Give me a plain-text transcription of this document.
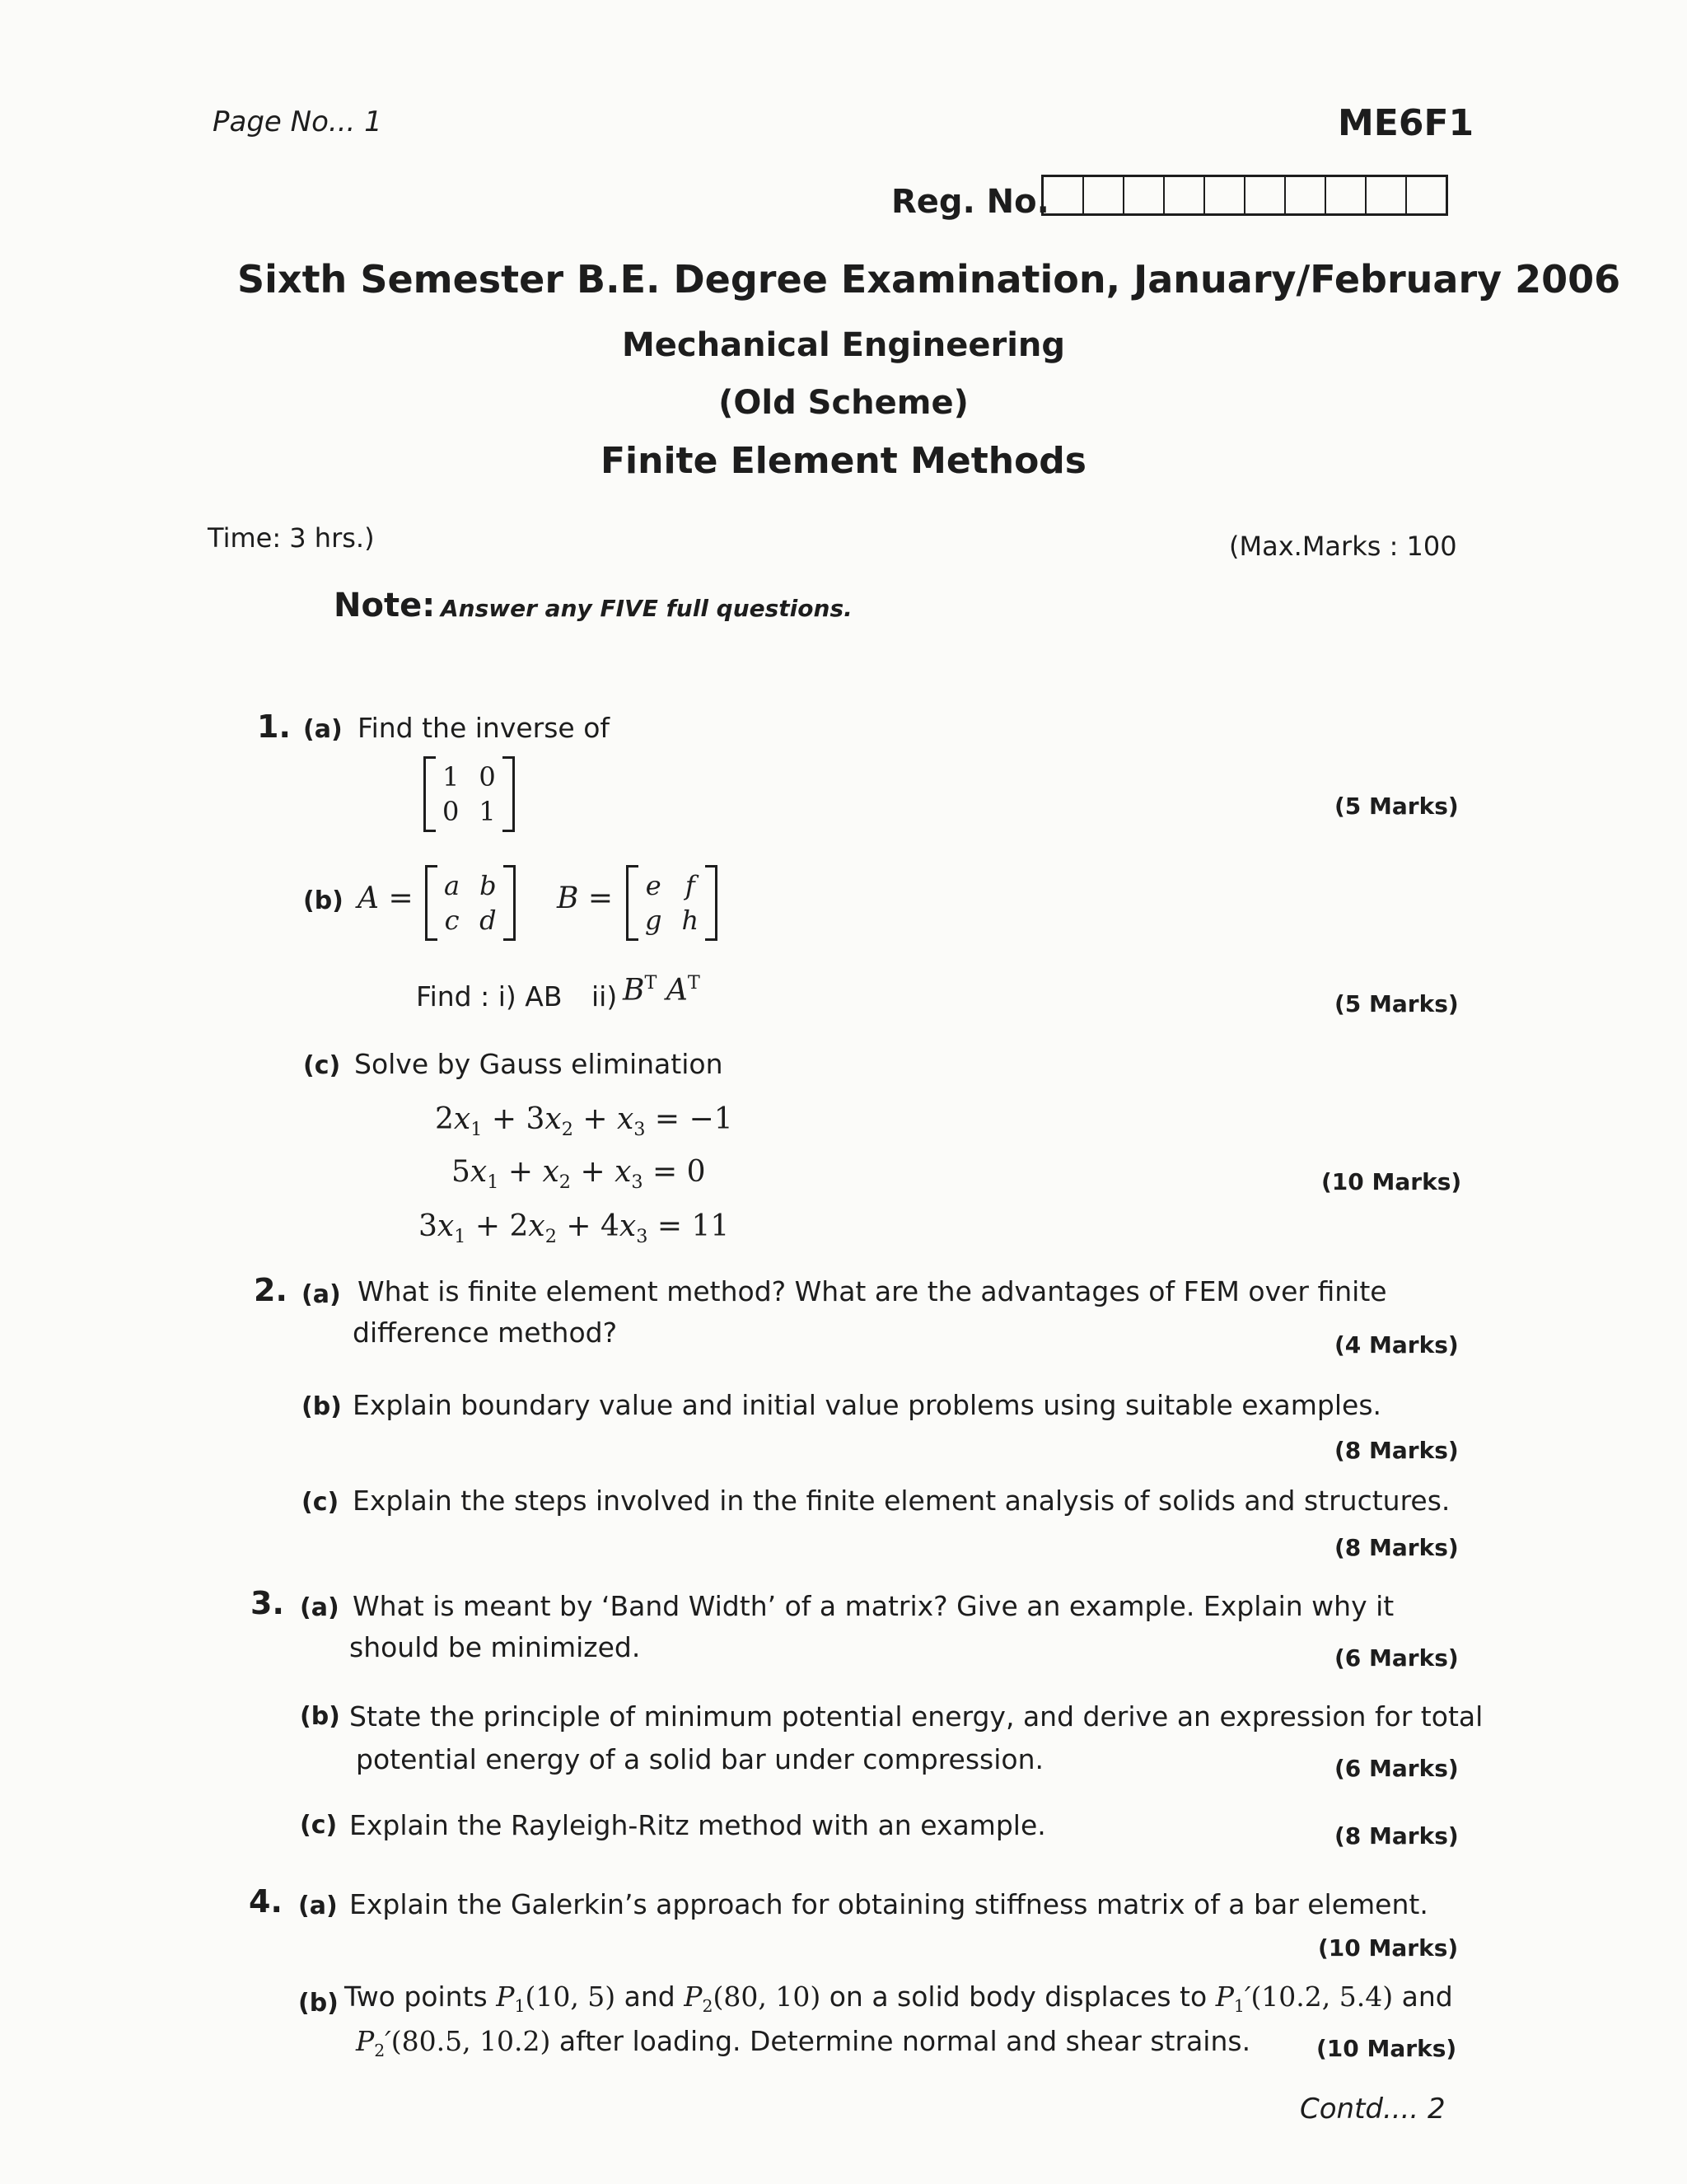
Page No... 1	ME6F1
Reg. No.
Sixth Semester B.E. Degree Examination, January/February 2006
Mechanical Engineering
(Old Scheme)
Finite Element Methods
Time: 3 hrs.)	(Max.Marks : 100
Note: Answer any FIVE full questions.
1. (a) Find the inverse of
1 0
0 1	(5 Marks)
(b) A = a b
c d
B = e f
g h
Find : i) AB ii) $B^T$ $A^T$
(5 Marks)
(c) Solve by Gauss elimination
$2x_1 + 3x_2 + x_3 = -1$
$5x_1 + x_2 + x_3 = 0$
$3x_1 + 2x_2 + 4x_3 = 11$
(10 Marks)
2. (a) What is finite element method? What are the advantages of FEM over finite
difference method?	(4 Marks)
(b) Explain boundary value and initial value problems using suitable examples.
(8 Marks)
(c) Explain the steps involved in the finite element analysis of solids and structures.
(8 Marks)
3. (a) What is meant by ‘Band Width’ of a matrix? Give an example. Explain why it
should be minimized.	(6 Marks)
(b) State the principle of minimum potential energy, and derive an expression for total
potential energy of a solid bar under compression.	(6 Marks)
(c) Explain the Rayleigh-Ritz method with an example.	(8 Marks)
4. (a) Explain the Galerkin’s approach for obtaining stiffness matrix of a bar element.
(10 Marks)
(b) Two points $P_1(10$, 5) and $P_2(80$, 10) on a solid body displaces to $P_1'(10.2$, 5.4) and
$P_2'(80.5$, 10.2) after loading. Determine normal and shear strains.	(10 Marks)
Contd.... 2
